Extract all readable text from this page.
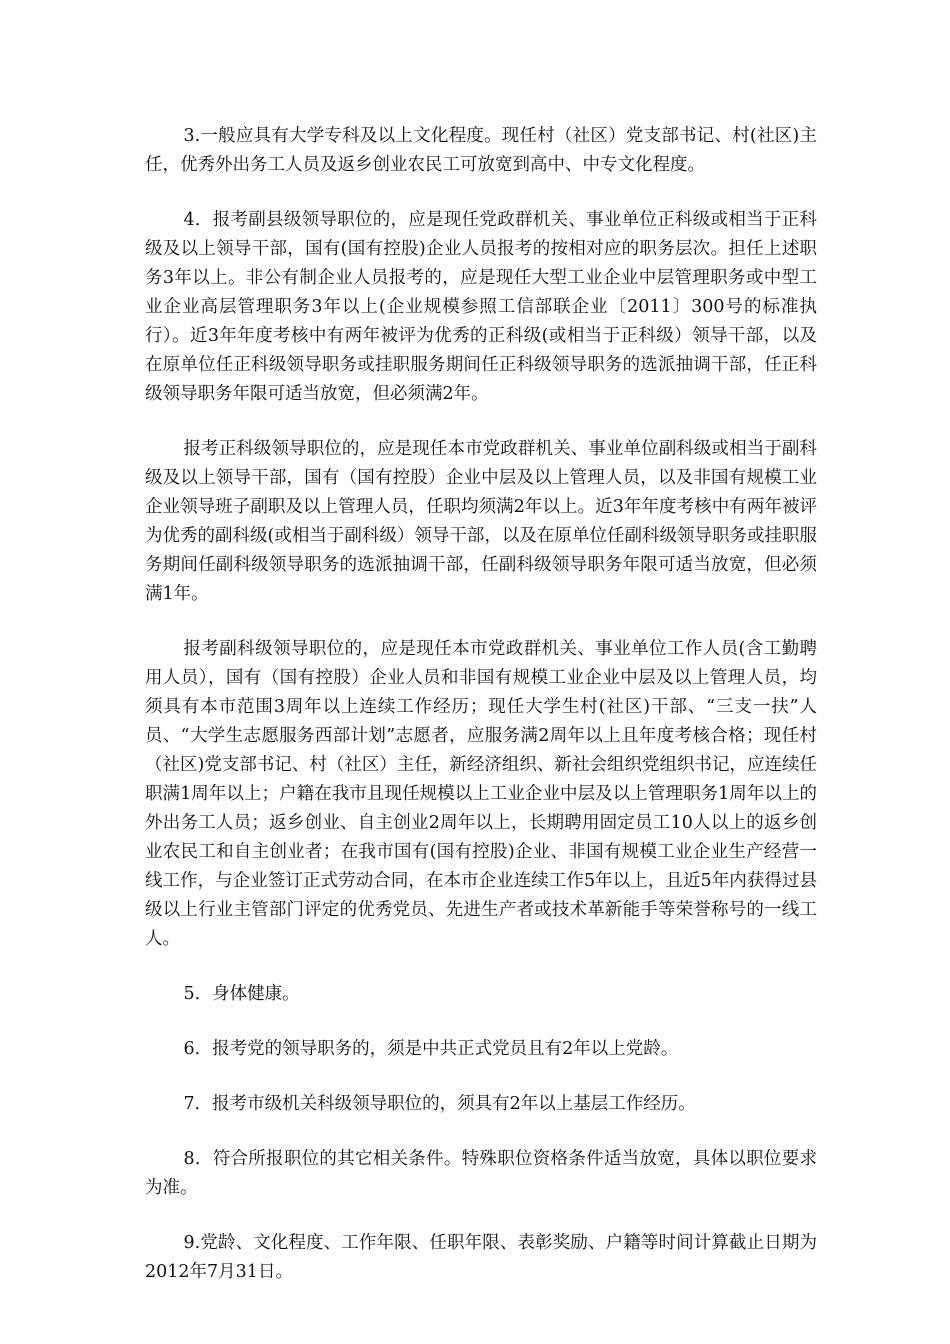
3.一般应具有大学专科及以上文化程度。现任村（社区）党支部书记、村(社区)主任，优秀外出务工人员及返乡创业农民工可放宽到高中、中专文化程度。

4．报考副县级领导职位的，应是现任党政群机关、事业单位正科级或相当于正科级及以上领导干部，国有(国有控股)企业人员报考的按相对应的职务层次。担任上述职务3年以上。非公有制企业人员报考的，应是现任大型工业企业中层管理职务或中型工业企业高层管理职务3年以上(企业规模参照工信部联企业〔2011〕300号的标准执行）。近3年年度考核中有两年被评为优秀的正科级(或相当于正科级）领导干部，以及在原单位任正科级领导职务或挂职服务期间任正科级领导职务的选派抽调干部，任正科级领导职务年限可适当放宽，但必须满2年。

报考正科级领导职位的，应是现任本市党政群机关、事业单位副科级或相当于副科级及以上领导干部，国有（国有控股）企业中层及以上管理人员，以及非国有规模工业企业领导班子副职及以上管理人员，任职均须满2年以上。近3年年度考核中有两年被评为优秀的副科级(或相当于副科级）领导干部，以及在原单位任副科级领导职务或挂职服务期间任副科级领导职务的选派抽调干部，任副科级领导职务年限可适当放宽，但必须满1年。

报考副科级领导职位的，应是现任本市党政群机关、事业单位工作人员(含工勤聘用人员），国有（国有控股）企业人员和非国有规模工业企业中层及以上管理人员，均须具有本市范围3周年以上连续工作经历；现任大学生村(社区)干部、“三支一扶”人员、“大学生志愿服务西部计划”志愿者，应服务满2周年以上且年度考核合格；现任村（社区)党支部书记、村（社区）主任，新经济组织、新社会组织党组织书记，应连续任职满1周年以上；户籍在我市且现任规模以上工业企业中层及以上管理职务1周年以上的外出务工人员；返乡创业、自主创业2周年以上，长期聘用固定员工10人以上的返乡创业农民工和自主创业者；在我市国有(国有控股)企业、非国有规模工业企业生产经营一线工作，与企业签订正式劳动合同，在本市企业连续工作5年以上，且近5年内获得过县级以上行业主管部门评定的优秀党员、先进生产者或技术革新能手等荣誉称号的一线工人。

5．身体健康。

6．报考党的领导职务的，须是中共正式党员且有2年以上党龄。

7．报考市级机关科级领导职位的，须具有2年以上基层工作经历。

8．符合所报职位的其它相关条件。特殊职位资格条件适当放宽，具体以职位要求为准。

9.党龄、文化程度、工作年限、任职年限、表彰奖励、户籍等时间计算截止日期为2012年7月31日。
